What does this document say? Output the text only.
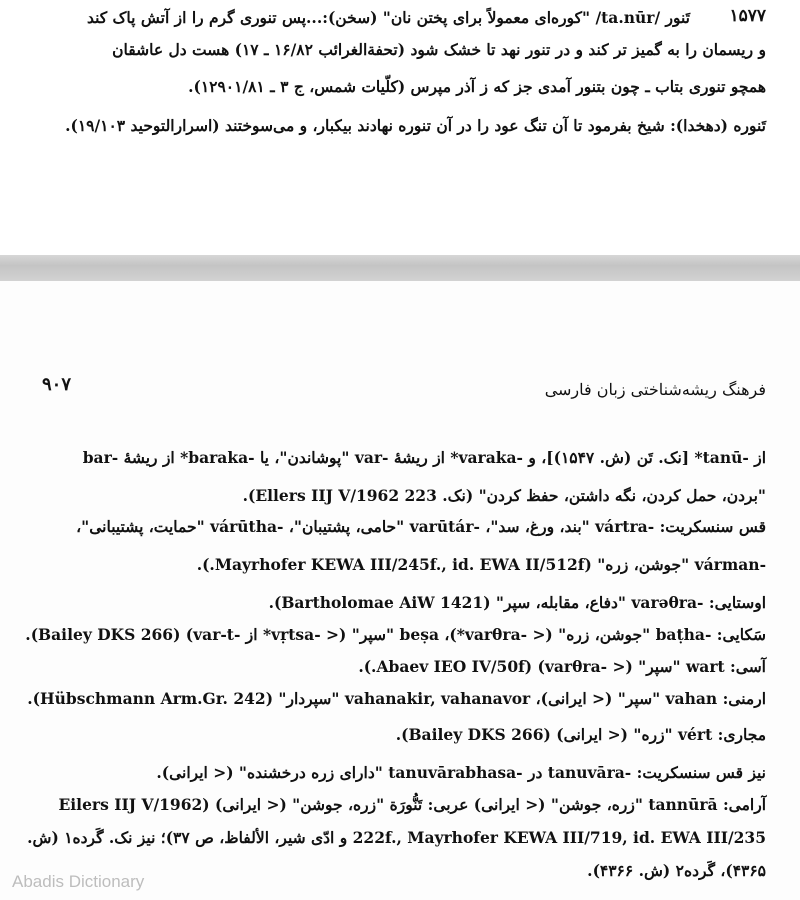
تَنور /ta.nūr/ "کوره‌ای معمولاً برای پختن نان" (سخن):...پس تنوری گرم را از آتش پاک کند ۱۵۷۷
و ریسمان را به گمیز تر کند و در تنور نهد تا خشک شود (تحفةالغرائب ۱۶/۸۲ ـ ۱۷) هست دل عاشقان
همچو تنوری بتاب ـ چون بتنور آمدی جز که ز آذر مپرس (کلّیات شمس، ج ۳ ـ ۱۲۹۰۱/۸۱).
تَنوره (دهخدا): شیخ بفرمود تا آن تنگ عود را در آن تنوره نهادند بیکبار، و می‌سوختند (اسرارالتوحید ۱۹/۱۰۳).
۹۰۷	فرهنگ ریشه‌شناختی زبان فارسی
از -tanū* [نک. تَن (ش. ۱۵۴۷)]، و -varaka* از ریشهٔ -var "پوشاندن"، یا -baraka* از ریشهٔ -bar
"بردن، حمل کردن، نگه داشتن، حفظ کردن" (نک. Ellers IIJ V/1962 223).
قس سنسکریت: -vártra "بند، ورغ، سد"، -varūtár "حامی، پشتیبان"، -várūtha "حمایت، پشتیبانی"،
-várman "جوشن، زره" (Mayrhofer KEWA III/245f., id. EWA II/512f.).
اوستایی: -varəθra "دفاع، مقابله، سپر" (Bartholomae AiW 1421).
سَکایی: -baṭha "جوشن، زره" (< -varθra*)، beṣa "سپر" (< -vṛtsa* از -var-t) (Bailey DKS 266).
آسی: wart "سپر" (< -varθra) (Abaev IEO IV/50f.).
ارمنی: vahan "سپر" (< ایرانی)، vahanakir, vahanavor "سپردار" (Hübschmann Arm.Gr. 242).
مجاری: vért "زره" (< ایرانی) (Bailey DKS 266).
نیز قس سنسکریت: -tanuvāra در -tanuvārabhasa "دارای زره درخشنده" (< ایرانی).
آرامی: tannūrā "زره، جوشن" (< ایرانی) عربی: تَنُّورَة "زره، جوشن" (< ایرانی) (Eilers IIJ V/1962
222f., Mayrhofer KEWA III/719, id. EWA III/235 و ادّی شیر، الألفاظ، ص ۳۷)؛ نیز نک. گَرده۱ (ش.
۴۳۶۵)، گَرده۲ (ش. ۴۳۶۶).
Abadis Dictionary
